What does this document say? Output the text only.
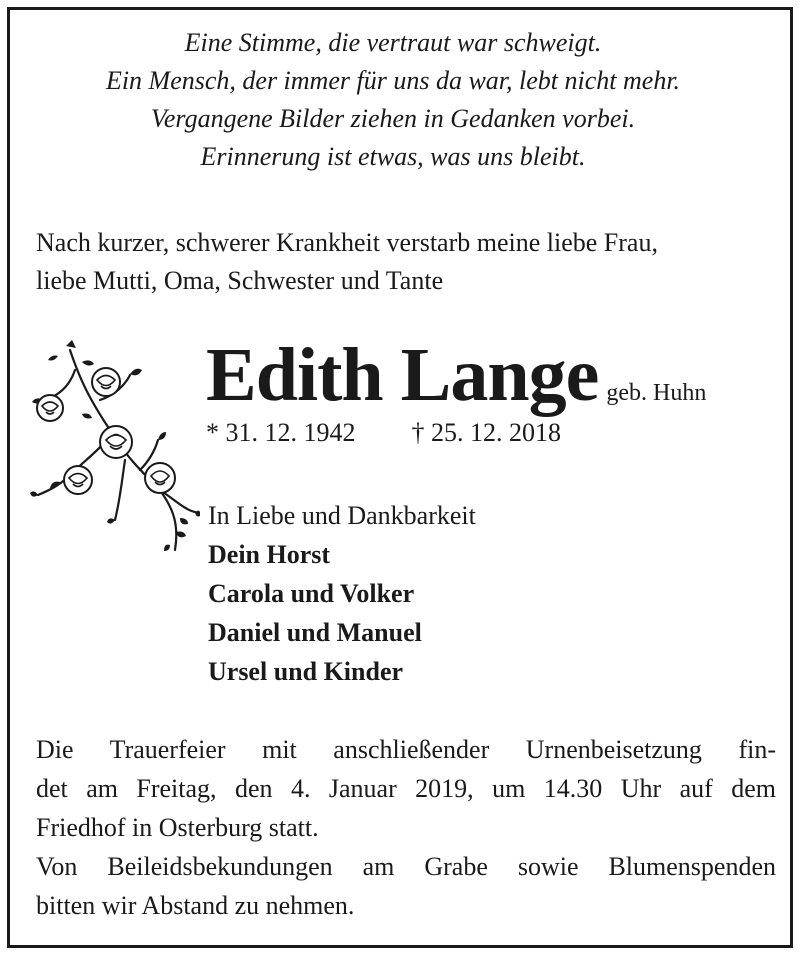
Eine Stimme, die vertraut war schweigt.
Ein Mensch, der immer für uns da war, lebt nicht mehr.
Vergangene Bilder ziehen in Gedanken vorbei.
Erinnerung ist etwas, was uns bleibt.
Nach kurzer, schwerer Krankheit verstarb meine liebe Frau,
liebe Mutti, Oma, Schwester und Tante
Edith Lange geb. Huhn
* 31. 12. 1942 † 25. 12. 2018
In Liebe und Dankbarkeit
Dein Horst
Carola und Volker
Daniel und Manuel
Ursel und Kinder
Die Trauerfeier mit anschließender Urnenbeisetzung fin-
det am Freitag, den 4. Januar 2019, um 14.30 Uhr auf dem
Friedhof in Osterburg statt.
Von Beileidsbekundungen am Grabe sowie Blumenspenden
bitten wir Abstand zu nehmen.
